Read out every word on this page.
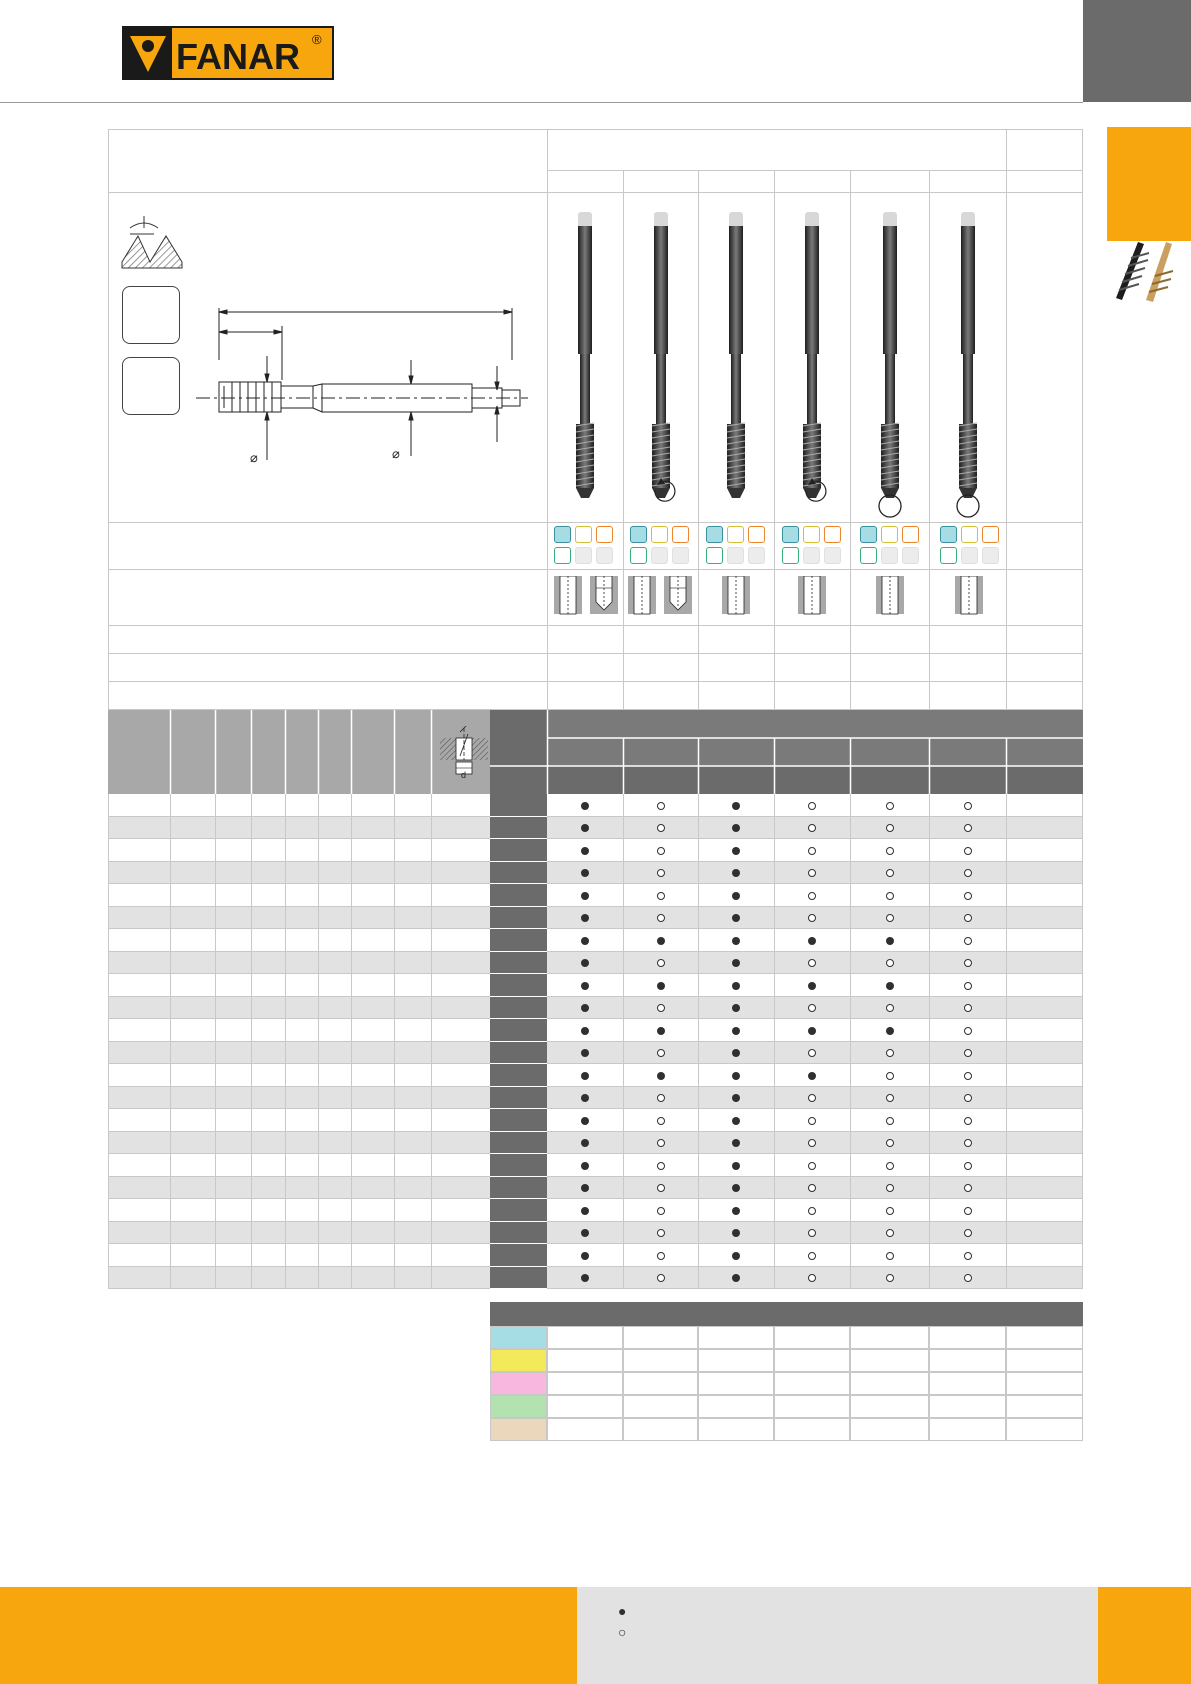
FANAR ®
⌀	⌀
d
●
○
